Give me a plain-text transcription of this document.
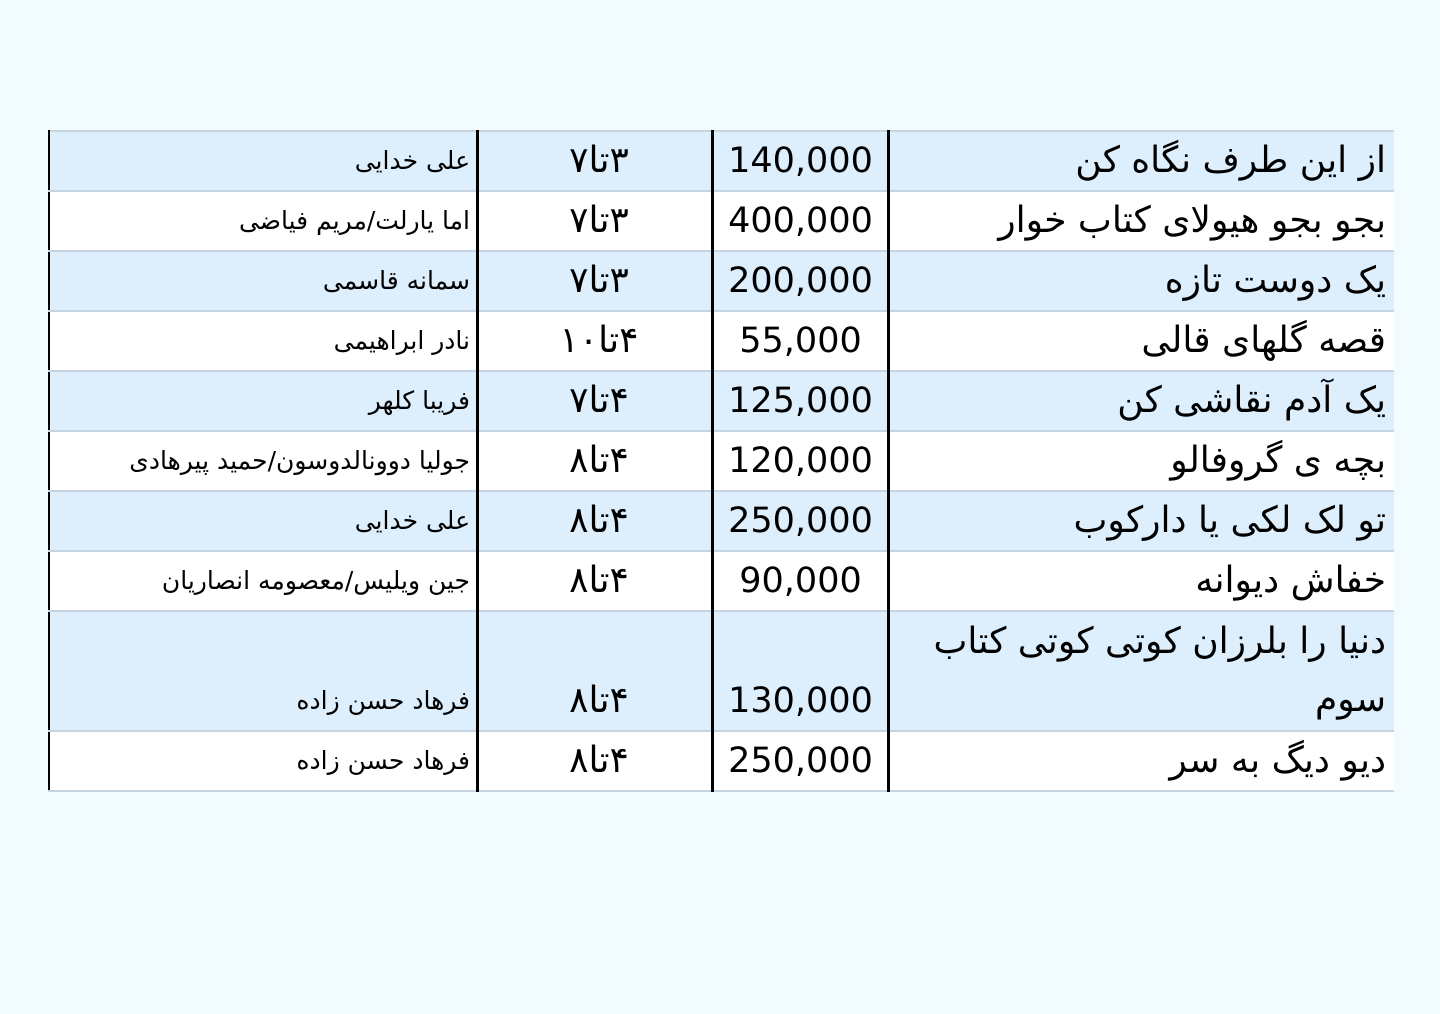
از این طرف نگاه کن	140,000	۳تا۷	علی خدایی
بجو بجو هیولای کتاب خوار	400,000	۳تا۷	اما یارلت/مریم فیاضی
یک دوست تازه	200,000	۳تا۷	سمانه قاسمی
قصه گلهای قالی	55,000	۴تا۱۰	نادر ابراهیمی
یک آدم نقاشی کن	125,000	۴تا۷	فریبا کلهر
بچه ی گروفالو	120,000	۴تا۸	جولیا دوونالدوسون/حمید پیرهادی
تو لک لکی یا دارکوب	250,000	۴تا۸	علی خدایی
خفاش دیوانه	90,000	۴تا۸	جین ویلیس/معصومه انصاریان
دنیا را بلرزان کوتی کوتی کتاب سوم	130,000	۴تا۸	فرهاد حسن زاده
دیو دیگ به سر	250,000	۴تا۸	فرهاد حسن زاده
